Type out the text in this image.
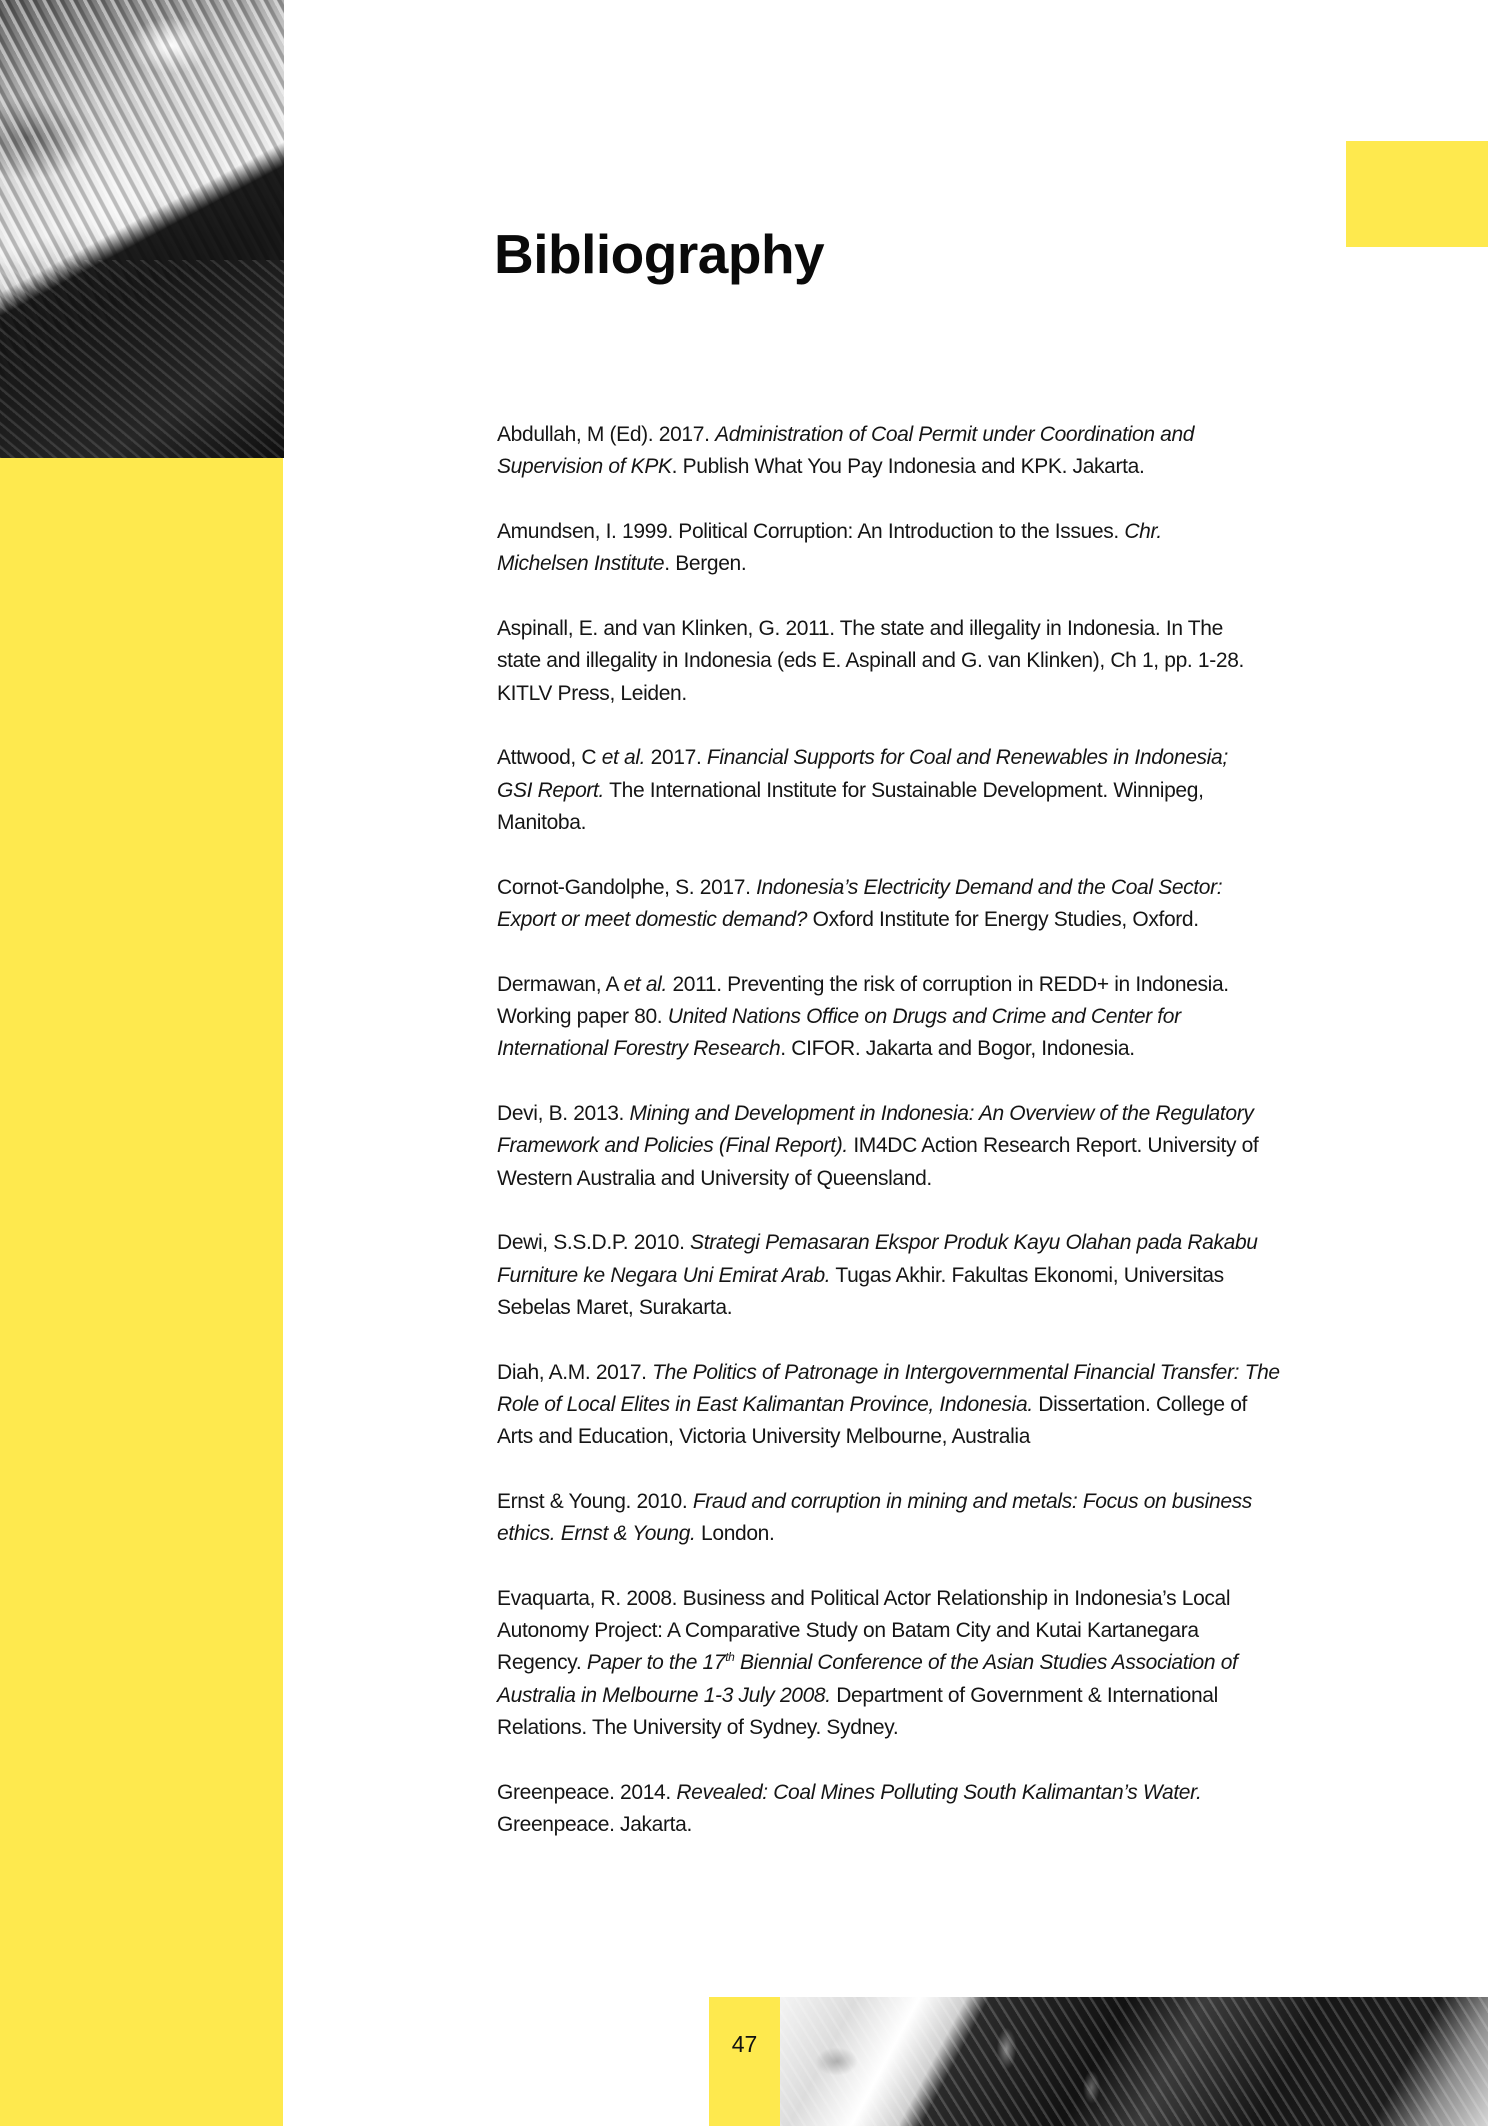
Bibliography
Abdullah, M (Ed). 2017. Administration of Coal Permit under Coordination and
Supervision of KPK. Publish What You Pay Indonesia and KPK. Jakarta.
Amundsen, I. 1999. Political Corruption: An Introduction to the Issues. Chr.
Michelsen Institute. Bergen.
Aspinall, E. and van Klinken, G. 2011. The state and illegality in Indonesia. In The
state and illegality in Indonesia (eds E. Aspinall and G. van Klinken), Ch 1, pp. 1-28.
KITLV Press, Leiden.
Attwood, C et al. 2017. Financial Supports for Coal and Renewables in Indonesia;
GSI Report. The International Institute for Sustainable Development. Winnipeg,
Manitoba.
Cornot-Gandolphe, S. 2017. Indonesia’s Electricity Demand and the Coal Sector:
Export or meet domestic demand? Oxford Institute for Energy Studies, Oxford.
Dermawan, A et al. 2011. Preventing the risk of corruption in REDD+ in Indonesia.
Working paper 80. United Nations Office on Drugs and Crime and Center for
International Forestry Research. CIFOR. Jakarta and Bogor, Indonesia.
Devi, B. 2013. Mining and Development in Indonesia: An Overview of the Regulatory
Framework and Policies (Final Report). IM4DC Action Research Report. University of
Western Australia and University of Queensland.
Dewi, S.S.D.P. 2010. Strategi Pemasaran Ekspor Produk Kayu Olahan pada Rakabu
Furniture ke Negara Uni Emirat Arab. Tugas Akhir. Fakultas Ekonomi, Universitas
Sebelas Maret, Surakarta.
Diah, A.M. 2017. The Politics of Patronage in Intergovernmental Financial Transfer: The
Role of Local Elites in East Kalimantan Province, Indonesia. Dissertation. College of
Arts and Education, Victoria University Melbourne, Australia
Ernst & Young. 2010. Fraud and corruption in mining and metals: Focus on business
ethics. Ernst & Young. London.
Evaquarta, R. 2008. Business and Political Actor Relationship in Indonesia’s Local
Autonomy Project: A Comparative Study on Batam City and Kutai Kartanegara
Regency. Paper to the 17th Biennial Conference of the Asian Studies Association of
Australia in Melbourne 1-3 July 2008. Department of Government & International
Relations. The University of Sydney. Sydney.
Greenpeace. 2014. Revealed: Coal Mines Polluting South Kalimantan’s Water.
Greenpeace. Jakarta.
47
